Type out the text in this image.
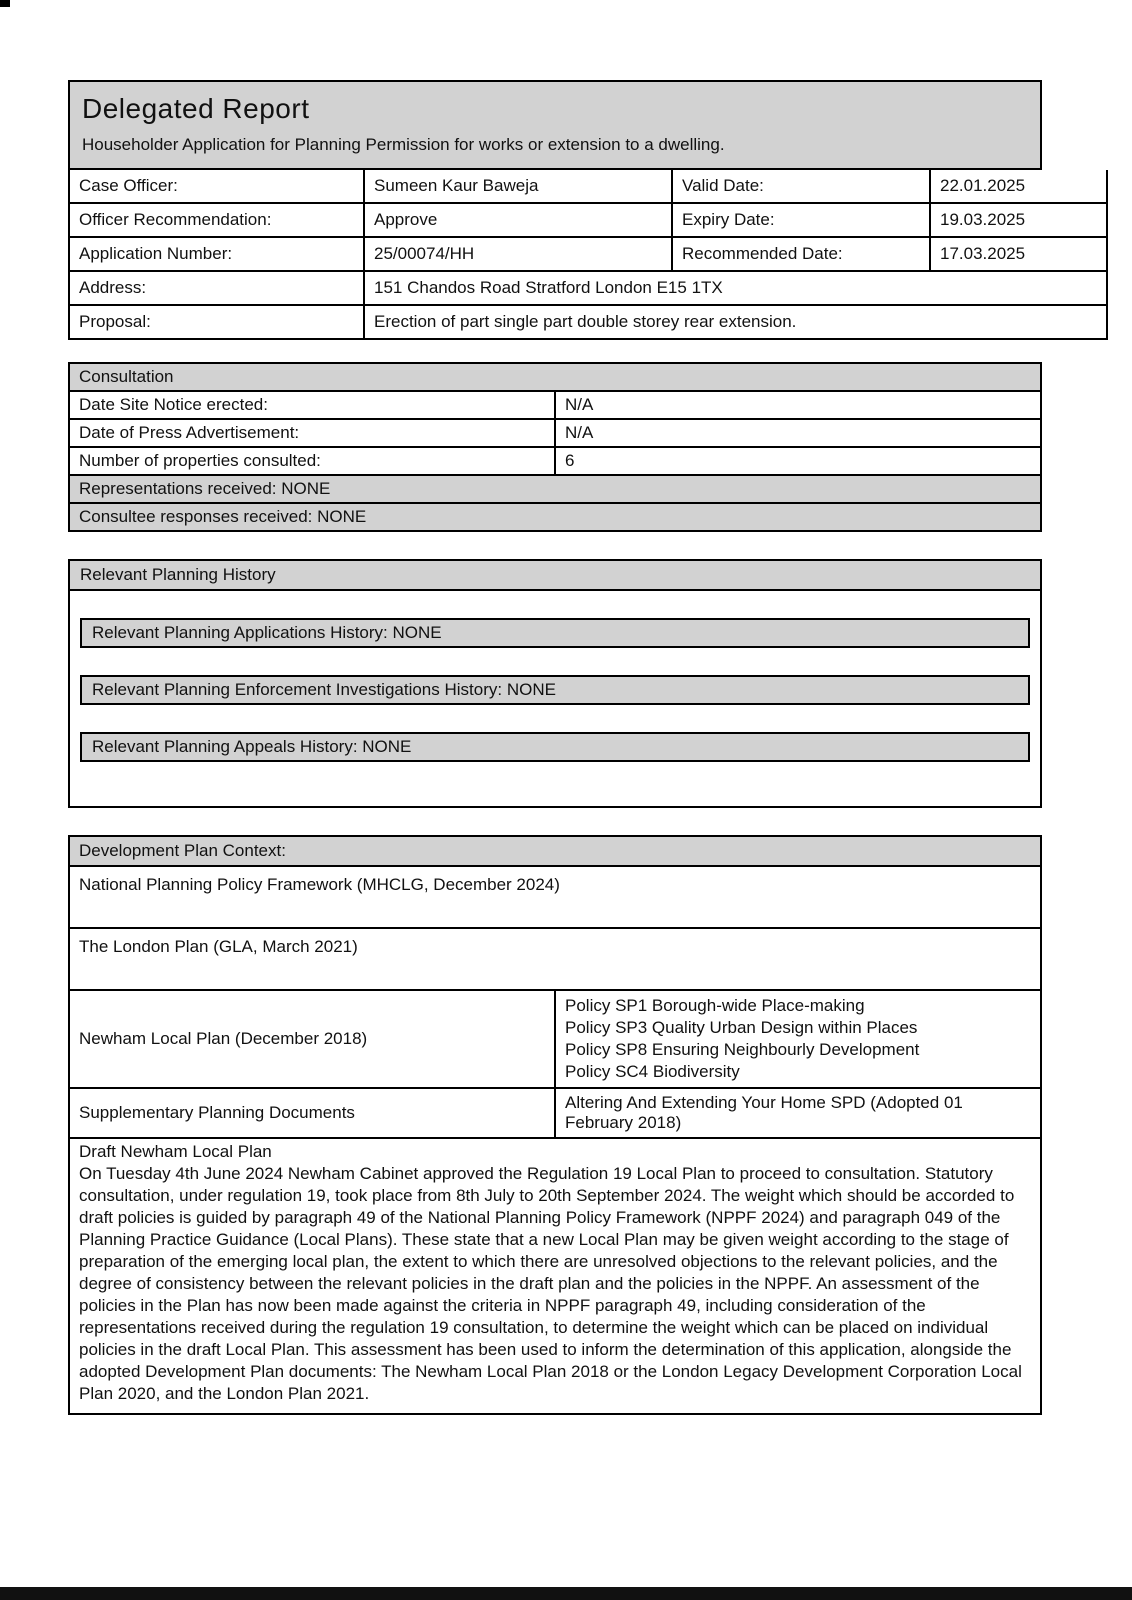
Delegated Report
Householder Application for Planning Permission for works or extension to a dwelling.
Case Officer:	Sumeen Kaur Baweja	Valid Date:	22.01.2025
Officer Recommendation:	Approve	Expiry Date:	19.03.2025
Application Number:	25/00074/HH	Recommended Date:	17.03.2025
Address:	151 Chandos Road Stratford London E15 1TX		
Proposal:	Erection of part single part double storey rear extension.		
Consultation	
Date Site Notice erected:	N/A
Date of Press Advertisement:	N/A
Number of properties consulted:	6
Representations received: NONE	
Consultee responses received: NONE	
Relevant Planning History
Relevant Planning Applications History: NONE
Relevant Planning Enforcement Investigations History: NONE
Relevant Planning Appeals History: NONE
Development Plan Context:	
National Planning Policy Framework (MHCLG, December 2024)	
The London Plan (GLA, March 2021)	
Newham Local Plan (December 2018)	Policy SP1 Borough-wide Place-making
Policy SP3 Quality Urban Design within Places
Policy SP8 Ensuring Neighbourly Development
Policy SC4 Biodiversity

Supplementary Planning Documents	Altering And Extending Your Home SPD (Adopted 01 February 2018)

Draft Newham Local Plan
On Tuesday 4th June 2024 Newham Cabinet approved the Regulation 19 Local Plan to proceed to consultation. Statutory consultation, under regulation 19, took place from 8th July to 20th September 2024. The weight which should be accorded to draft policies is guided by paragraph 49 of the National Planning Policy Framework (NPPF 2024) and paragraph 049 of the Planning Practice Guidance (Local Plans). These state that a new Local Plan may be given weight according to the stage of preparation of the emerging local plan, the extent to which there are unresolved objections to the relevant policies, and the degree of consistency between the relevant policies in the draft plan and the policies in the NPPF. An assessment of the policies in the Plan has now been made against the criteria in NPPF paragraph 49, including consideration of the representations received during the regulation 19 consultation, to determine the weight which can be placed on individual policies in the draft Local Plan. This assessment has been used to inform the determination of this application, alongside the adopted Development Plan documents: The Newham Local Plan 2018 or the London Legacy Development Corporation Local Plan 2020, and the London Plan 2021.	
